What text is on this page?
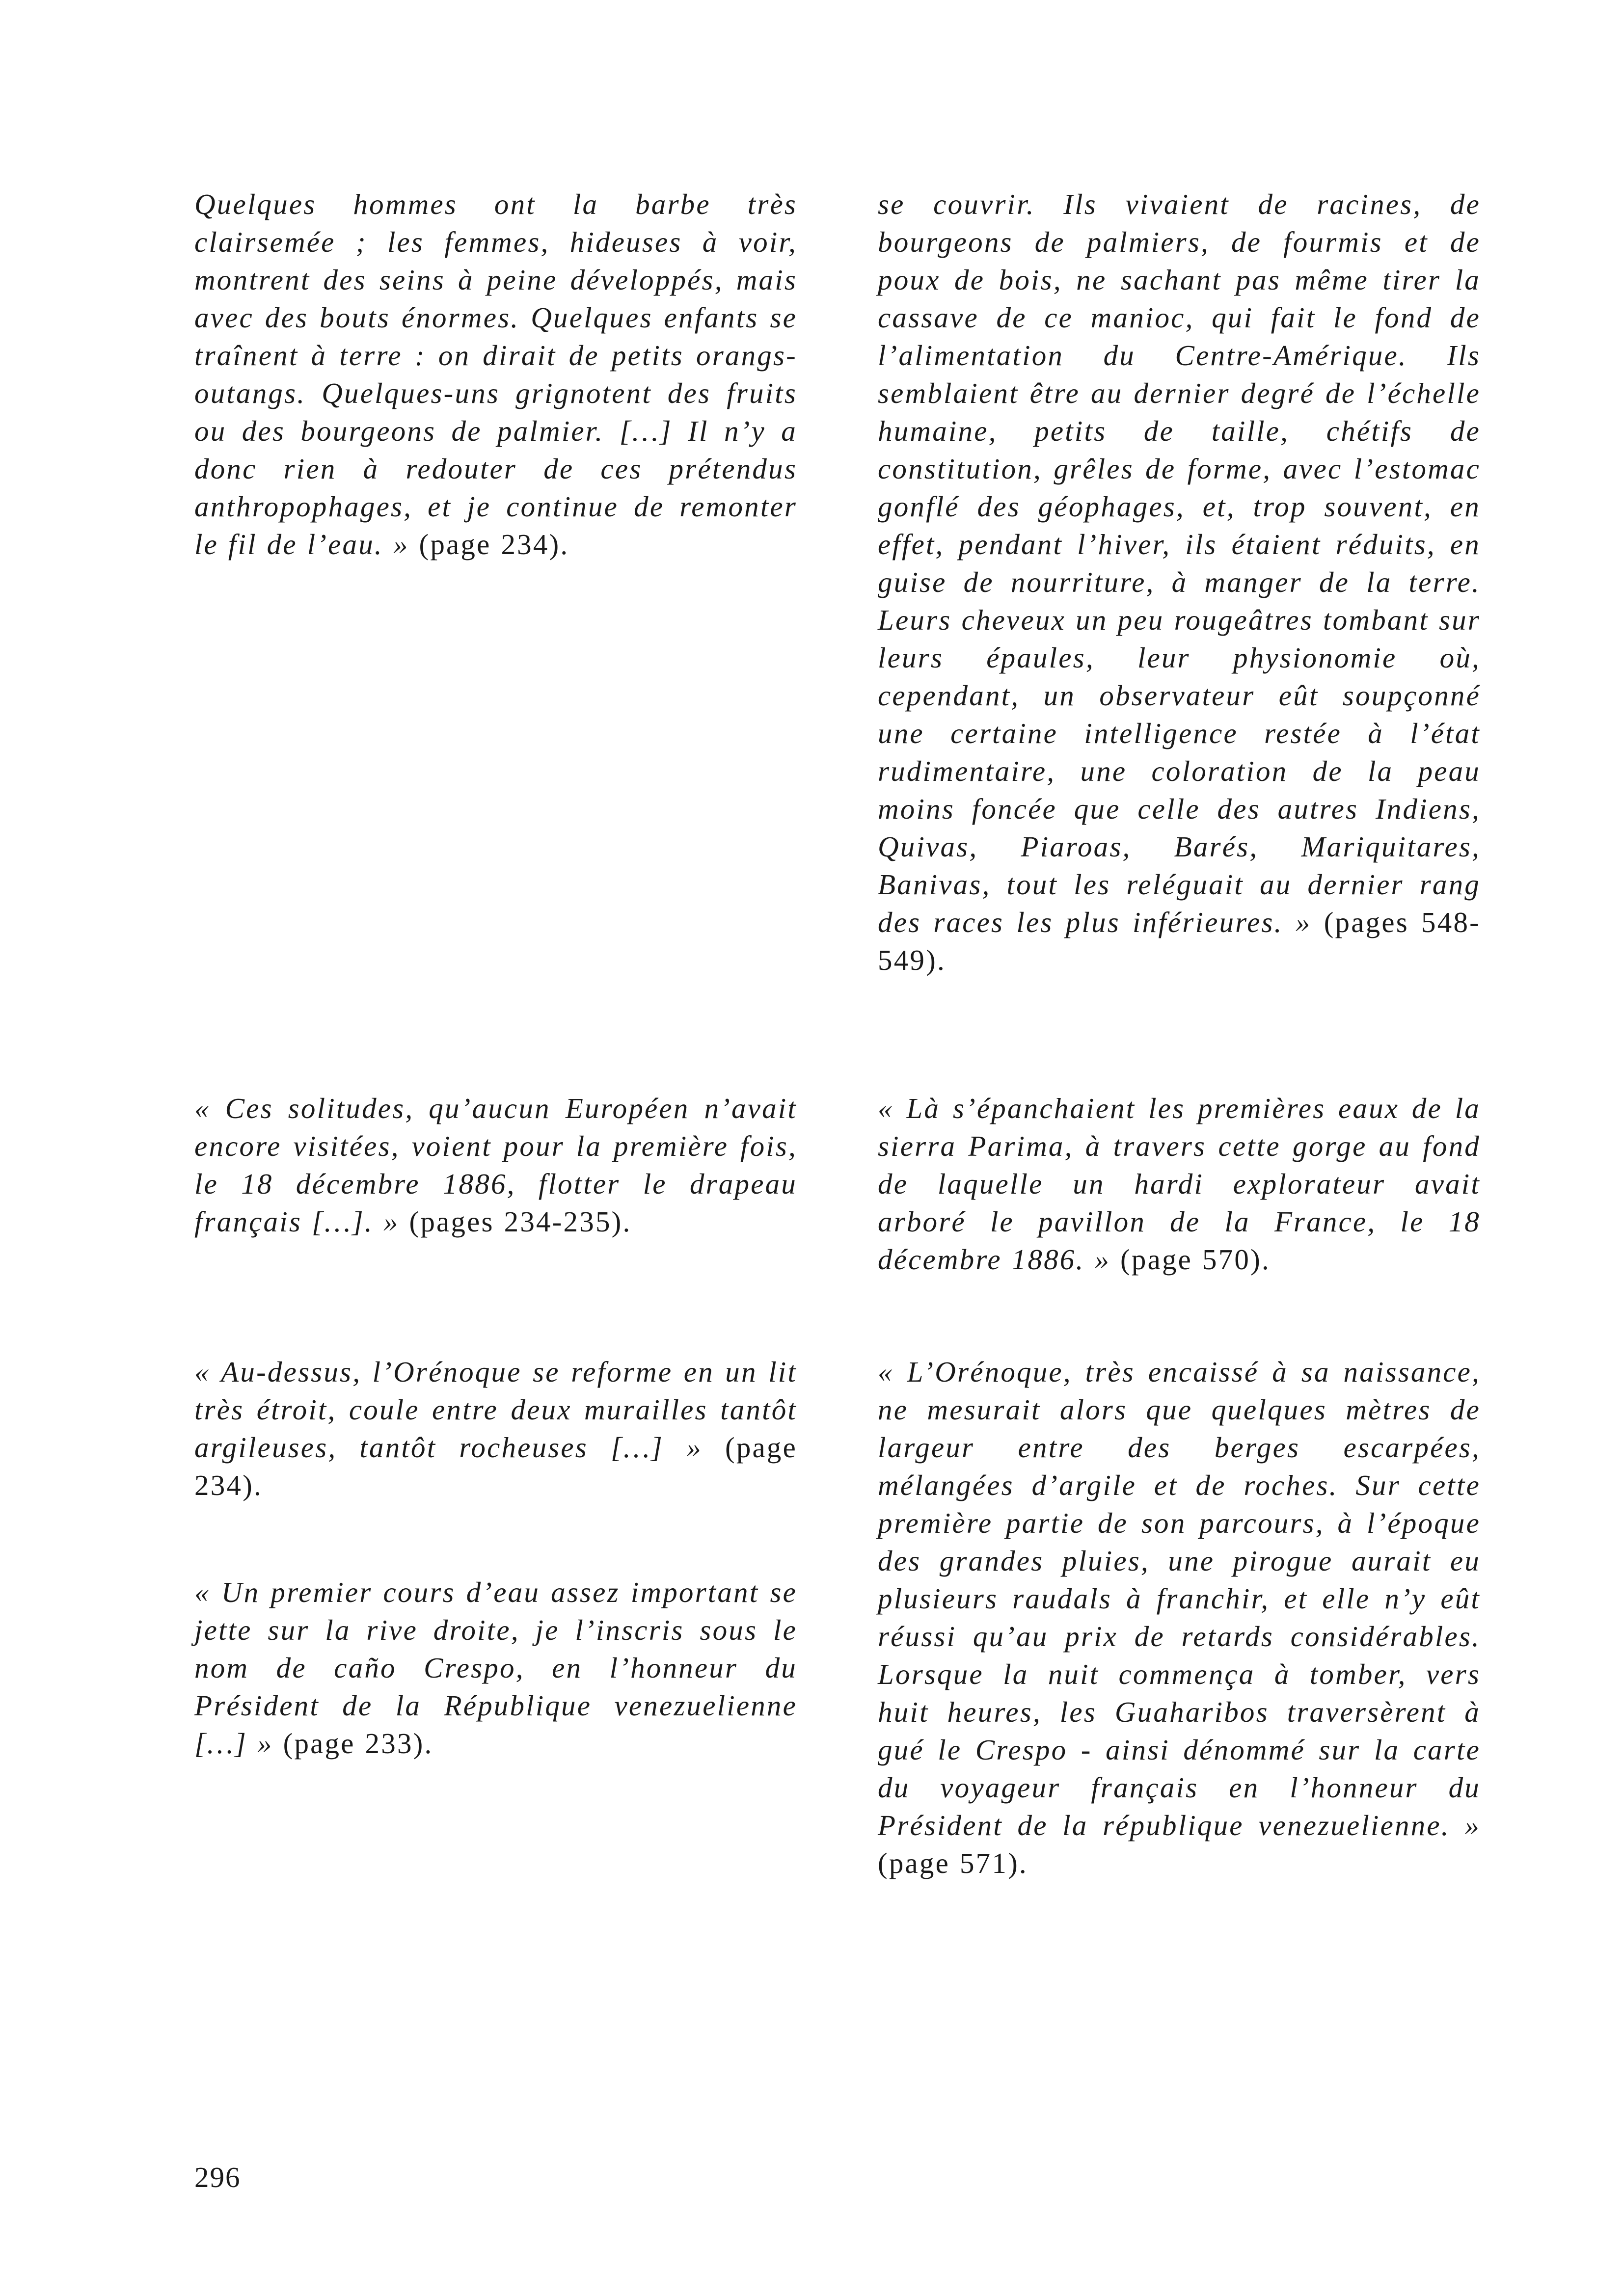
Quelques hommes ont la barbe très clairsemée ; les femmes, hideuses à voir, montrent des seins à peine développés, mais avec des bouts énormes. Quelques enfants se traînent à terre : on dirait de petits orangs-outangs. Quelques-uns grignotent des fruits ou des bourgeons de palmier. […] Il n’y a donc rien à redouter de ces prétendus anthropophages, et je continue de remonter le fil de l’eau. » (page 234).

« Ces solitudes, qu’aucun Européen n’avait encore visitées, voient pour la première fois, le 18 décembre 1886, flotter le drapeau français […]. » (pages 234-235).

« Au-dessus, l’Orénoque se reforme en un lit très étroit, coule entre deux murailles tantôt argileuses, tantôt rocheuses […] » (page 234).

« Un premier cours d’eau assez important se jette sur la rive droite, je l’inscris sous le nom de caño Crespo, en l’honneur du Président de la République venezuelienne […] » (page 233).

se couvrir. Ils vivaient de racines, de bourgeons de palmiers, de fourmis et de poux de bois, ne sachant pas même tirer la cassave de ce manioc, qui fait le fond de l’alimentation du Centre-Amérique. Ils semblaient être au dernier degré de l’échelle humaine, petits de taille, chétifs de constitution, grêles de forme, avec l’estomac gonflé des géophages, et, trop souvent, en effet, pendant l’hiver, ils étaient réduits, en guise de nourriture, à manger de la terre. Leurs cheveux un peu rougeâtres tombant sur leurs épaules, leur physionomie où, cependant, un observateur eût soupçonné une certaine intelligence restée à l’état rudimentaire, une coloration de la peau moins foncée que celle des autres Indiens, Quivas, Piaroas, Barés, Mariquitares, Banivas, tout les reléguait au dernier rang des races les plus inférieures. » (pages 548-549).

« Là s’épanchaient les premières eaux de la sierra Parima, à travers cette gorge au fond de laquelle un hardi explorateur avait arboré le pavillon de la France, le 18 décembre 1886. » (page 570).

« L’Orénoque, très encaissé à sa naissance, ne mesurait alors que quelques mètres de largeur entre des berges escarpées, mélangées d’argile et de roches. Sur cette première partie de son parcours, à l’époque des grandes pluies, une pirogue aurait eu plusieurs raudals à franchir, et elle n’y eût réussi qu’au prix de retards considérables. Lorsque la nuit commença à tomber, vers huit heures, les Guaharibos traversèrent à gué le Crespo - ainsi dénommé sur la carte du voyageur français en l’honneur du Président de la république venezuelienne. » (page 571).

296
